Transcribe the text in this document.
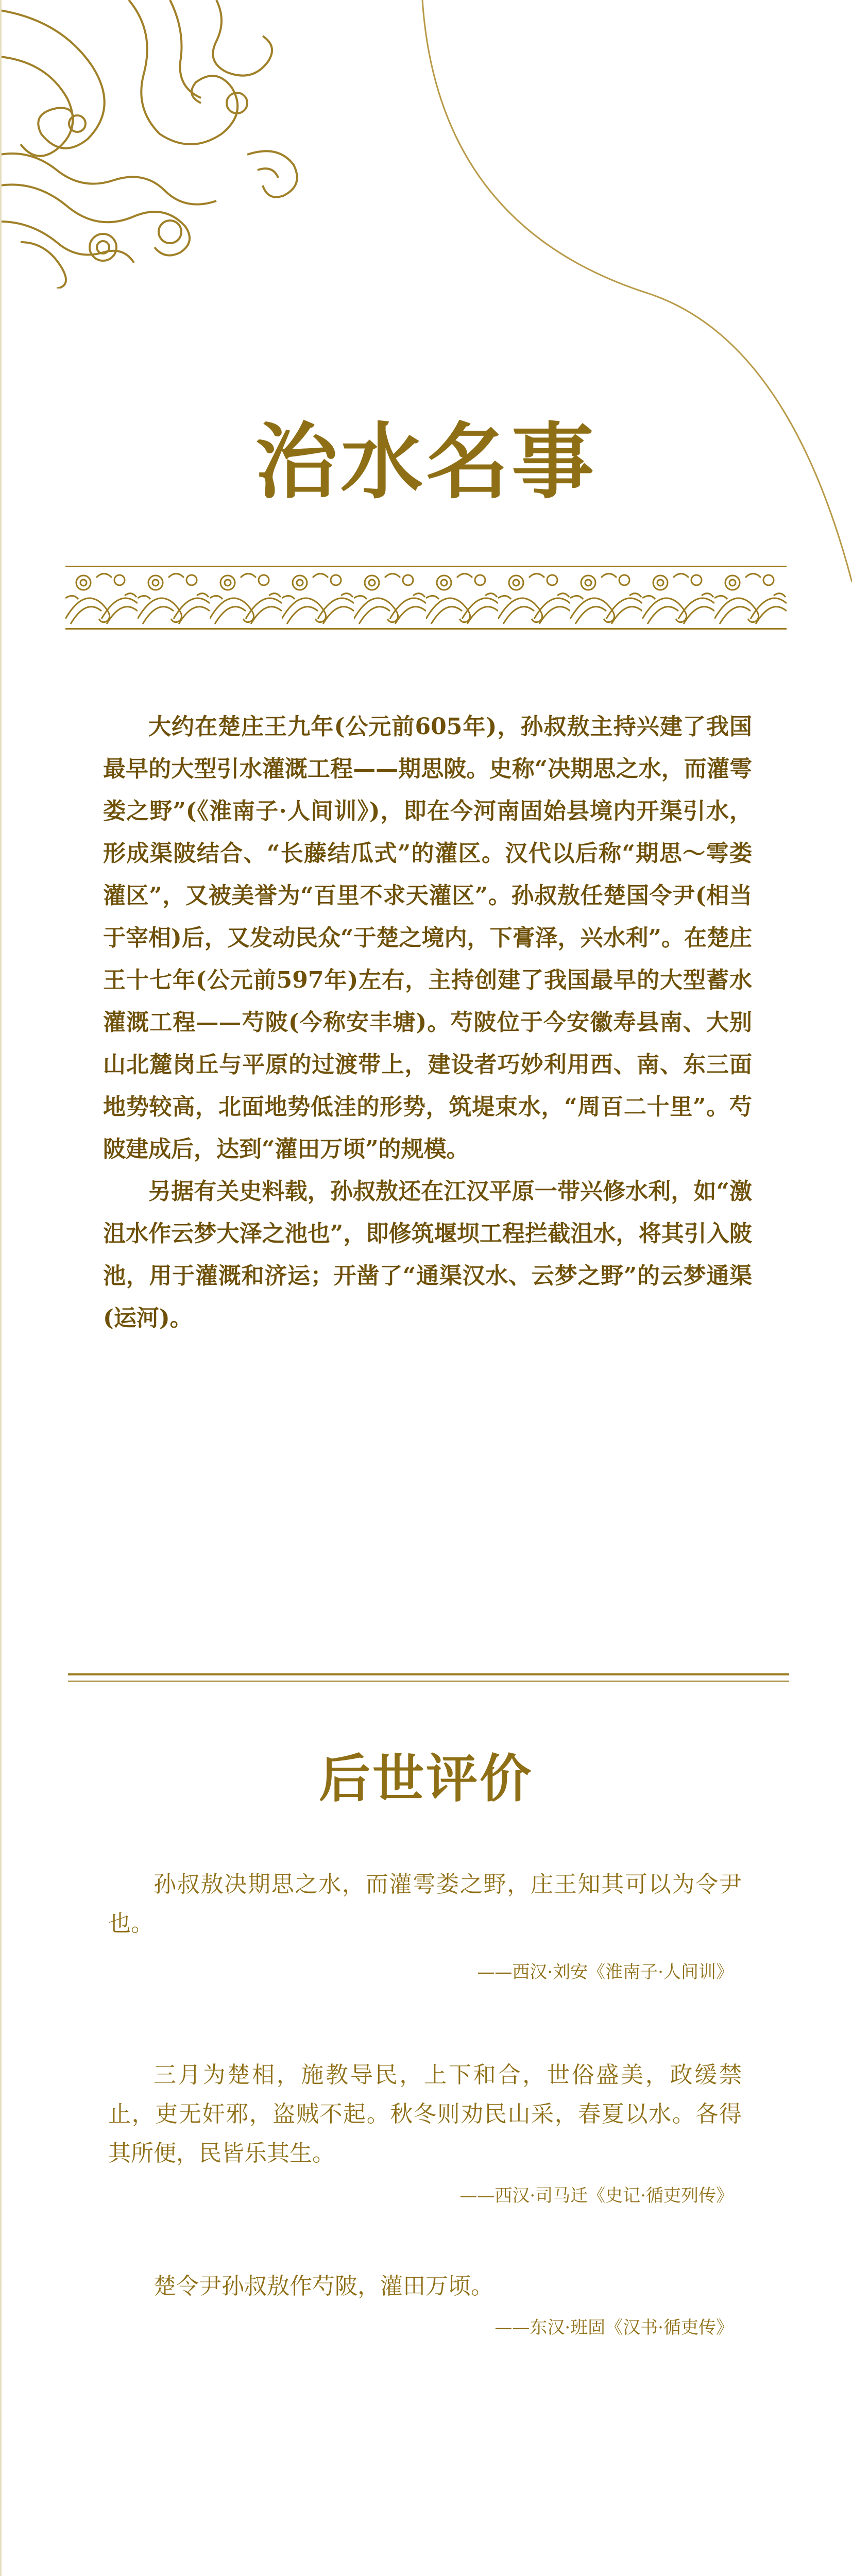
治水名事

大约在楚庄王九年(公元前605年)，孙叔敖主持兴建了我国最早的大型引水灌溉工程——期思陂。史称“决期思之水，而灌雩娄之野”(《淮南子·人间训》)，即在今河南固始县境内开渠引水，形成渠陂结合、“长藤结瓜式”的灌区。汉代以后称“期思～雩娄灌区”，又被美誉为“百里不求天灌区”。孙叔敖任楚国令尹(相当于宰相)后，又发动民众“于楚之境内，下膏泽，兴水利”。在楚庄王十七年(公元前597年)左右，主持创建了我国最早的大型蓄水灌溉工程——芍陂(今称安丰塘)。芍陂位于今安徽寿县南、大别山北麓岗丘与平原的过渡带上，建设者巧妙利用西、南、东三面地势较高，北面地势低洼的形势，筑堤束水，“周百二十里”。芍陂建成后，达到“灌田万顷”的规模。

另据有关史料载，孙叔敖还在江汉平原一带兴修水利，如“激沮水作云梦大泽之池也”，即修筑堰坝工程拦截沮水，将其引入陂池，用于灌溉和济运；开凿了“通渠汉水、云梦之野”的云梦通渠(运河)。

后世评价
孙叔敖决期思之水，而灌雩娄之野，庄王知其可以为令尹也。
——西汉·刘安《淮南子·人间训》
三月为楚相，施教导民，上下和合，世俗盛美，政缓禁止，吏无奸邪，盗贼不起。秋冬则劝民山采，春夏以水。各得其所便，民皆乐其生。
——西汉·司马迁《史记·循吏列传》
楚令尹孙叔敖作芍陂，灌田万顷。
——东汉·班固《汉书·循吏传》
